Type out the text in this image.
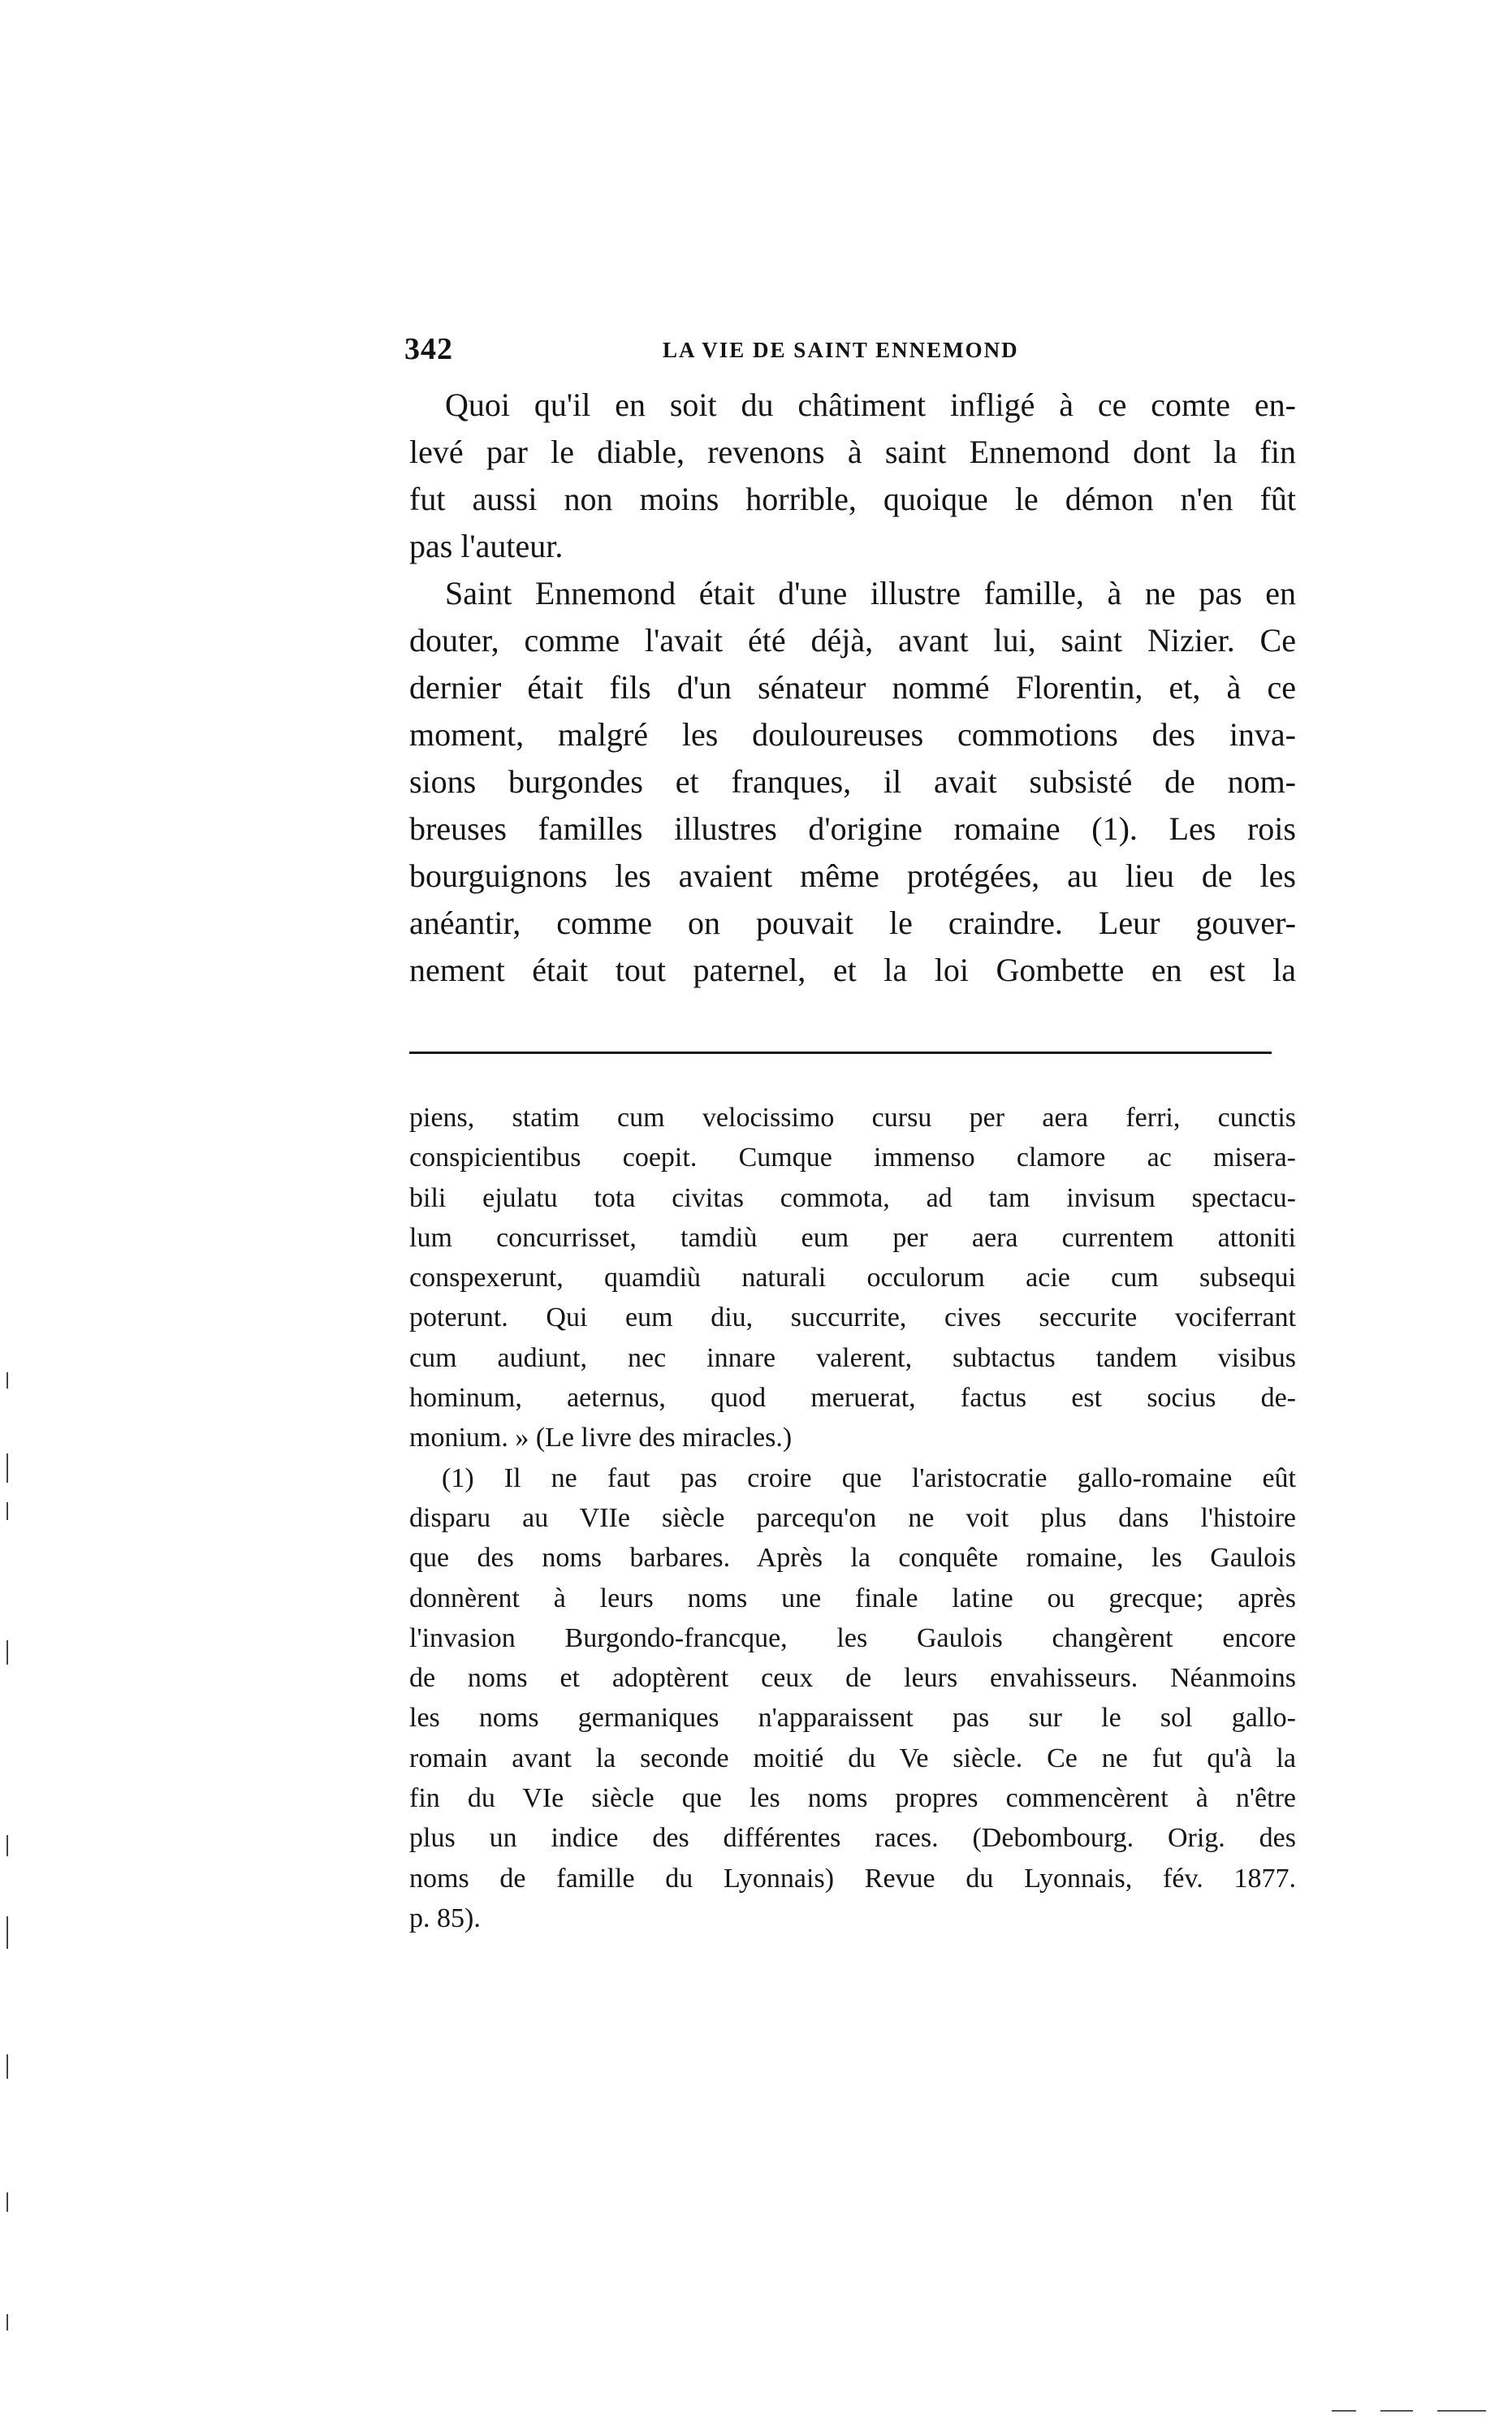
342	LA VIE DE SAINT ENNEMOND
Quoi qu'il en soit du châtiment infligé à ce comte en-
levé par le diable, revenons à saint Ennemond dont la fin
fut aussi non moins horrible, quoique le démon n'en fût
pas l'auteur.
Saint Ennemond était d'une illustre famille, à ne pas en
douter, comme l'avait été déjà, avant lui, saint Nizier. Ce
dernier était fils d'un sénateur nommé Florentin, et, à ce
moment, malgré les douloureuses commotions des inva-
sions burgondes et franques, il avait subsisté de nom-
breuses familles illustres d'origine romaine (1). Les rois
bourguignons les avaient même protégées, au lieu de les
anéantir, comme on pouvait le craindre. Leur gouver-
nement était tout paternel, et la loi Gombette en est la
piens, statim cum velocissimo cursu per aera ferri, cunctis
conspicientibus coepit. Cumque immenso clamore ac misera-
bili ejulatu tota civitas commota, ad tam invisum spectacu-
lum concurrisset, tamdiù eum per aera currentem attoniti
conspexerunt, quamdiù naturali occulorum acie cum subsequi
poterunt. Qui eum diu, succurrite, cives seccurite vociferrant
cum audiunt, nec innare valerent, subtactus tandem visibus
hominum, aeternus, quod meruerat, factus est socius de-
monium. » (Le livre des miracles.)
(1) Il ne faut pas croire que l'aristocratie gallo-romaine eût
disparu au VIIe siècle parcequ'on ne voit plus dans l'histoire
que des noms barbares. Après la conquête romaine, les Gaulois
donnèrent à leurs noms une finale latine ou grecque; après
l'invasion Burgondo-francque, les Gaulois changèrent encore
de noms et adoptèrent ceux de leurs envahisseurs. Néanmoins
les noms germaniques n'apparaissent pas sur le sol gallo-
romain avant la seconde moitié du Ve siècle. Ce ne fut qu'à la
fin du VIe siècle que les noms propres commencèrent à n'être
plus un indice des différentes races. (Debombourg. Orig. des
noms de famille du Lyonnais) Revue du Lyonnais, fév. 1877.
p. 85).
